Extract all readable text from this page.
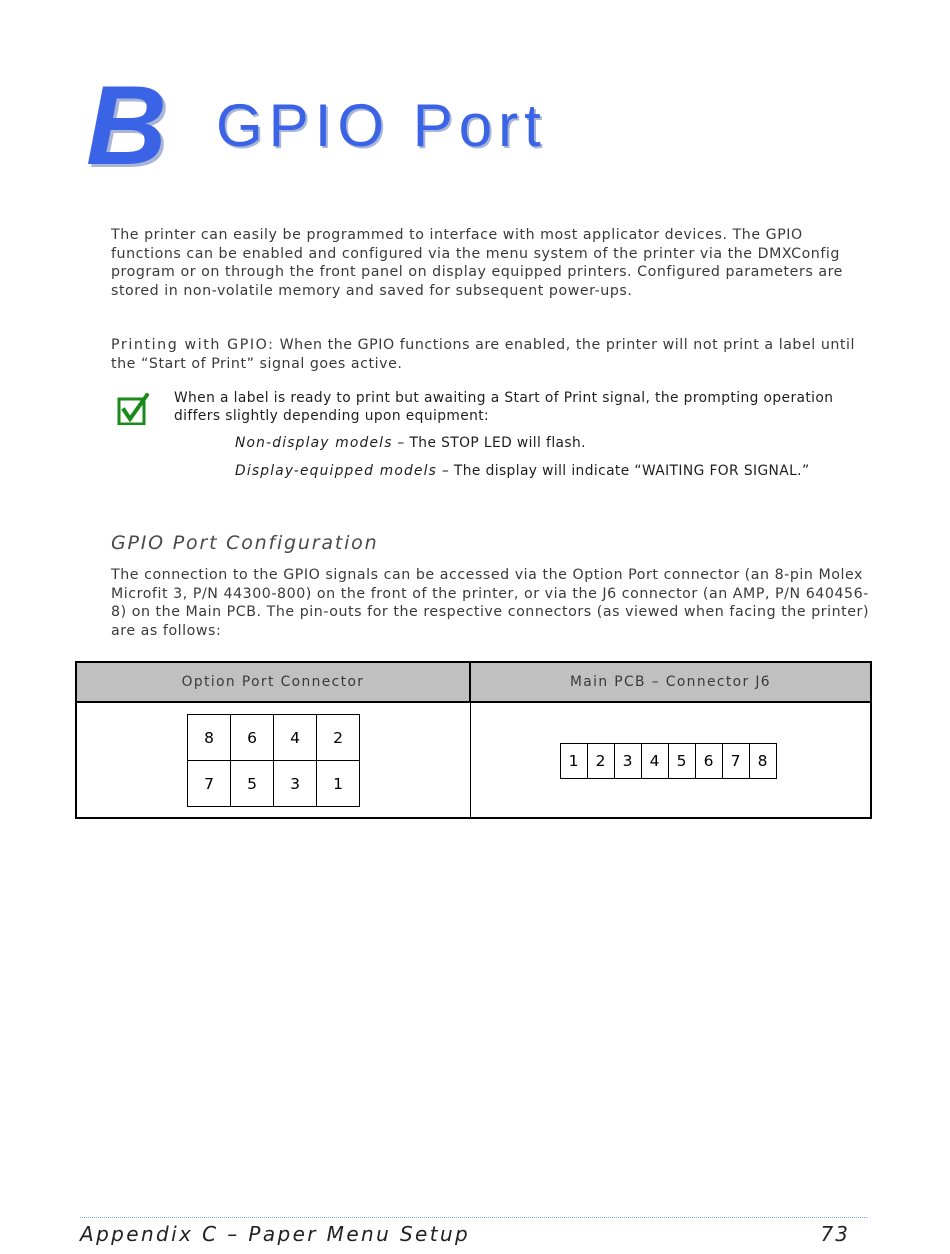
B GPIO Port

The printer can easily be programmed to interface with most applicator devices. The GPIO functions can be enabled and configured via the menu system of the printer via the DMXConfig program or on through the front panel on display equipped printers. Configured parameters are stored in non-volatile memory and saved for subsequent power-ups.

Printing with GPIO: When the GPIO functions are enabled, the printer will not print a label until the “Start of Print” signal goes active.

When a label is ready to print but awaiting a Start of Print signal, the prompting operation differs slightly depending upon equipment:
Non-display models – The STOP LED will flash.
Display-equipped models – The display will indicate “WAITING FOR SIGNAL.”
GPIO Port Configuration

The connection to the GPIO signals can be accessed via the Option Port connector (an 8-pin Molex Microfit 3, P/N 44300-800) on the front of the printer, or via the J6 connector (an AMP, P/N 640456-8) on the Main PCB. The pin-outs for the respective connectors (as viewed when facing the printer) are as follows:

Option Port Connector	Main PCB – Connector J6

8	6	4	2
7	5	3	1

1	2	3	4	5	6	7	8
Appendix C – Paper Menu Setup	73
